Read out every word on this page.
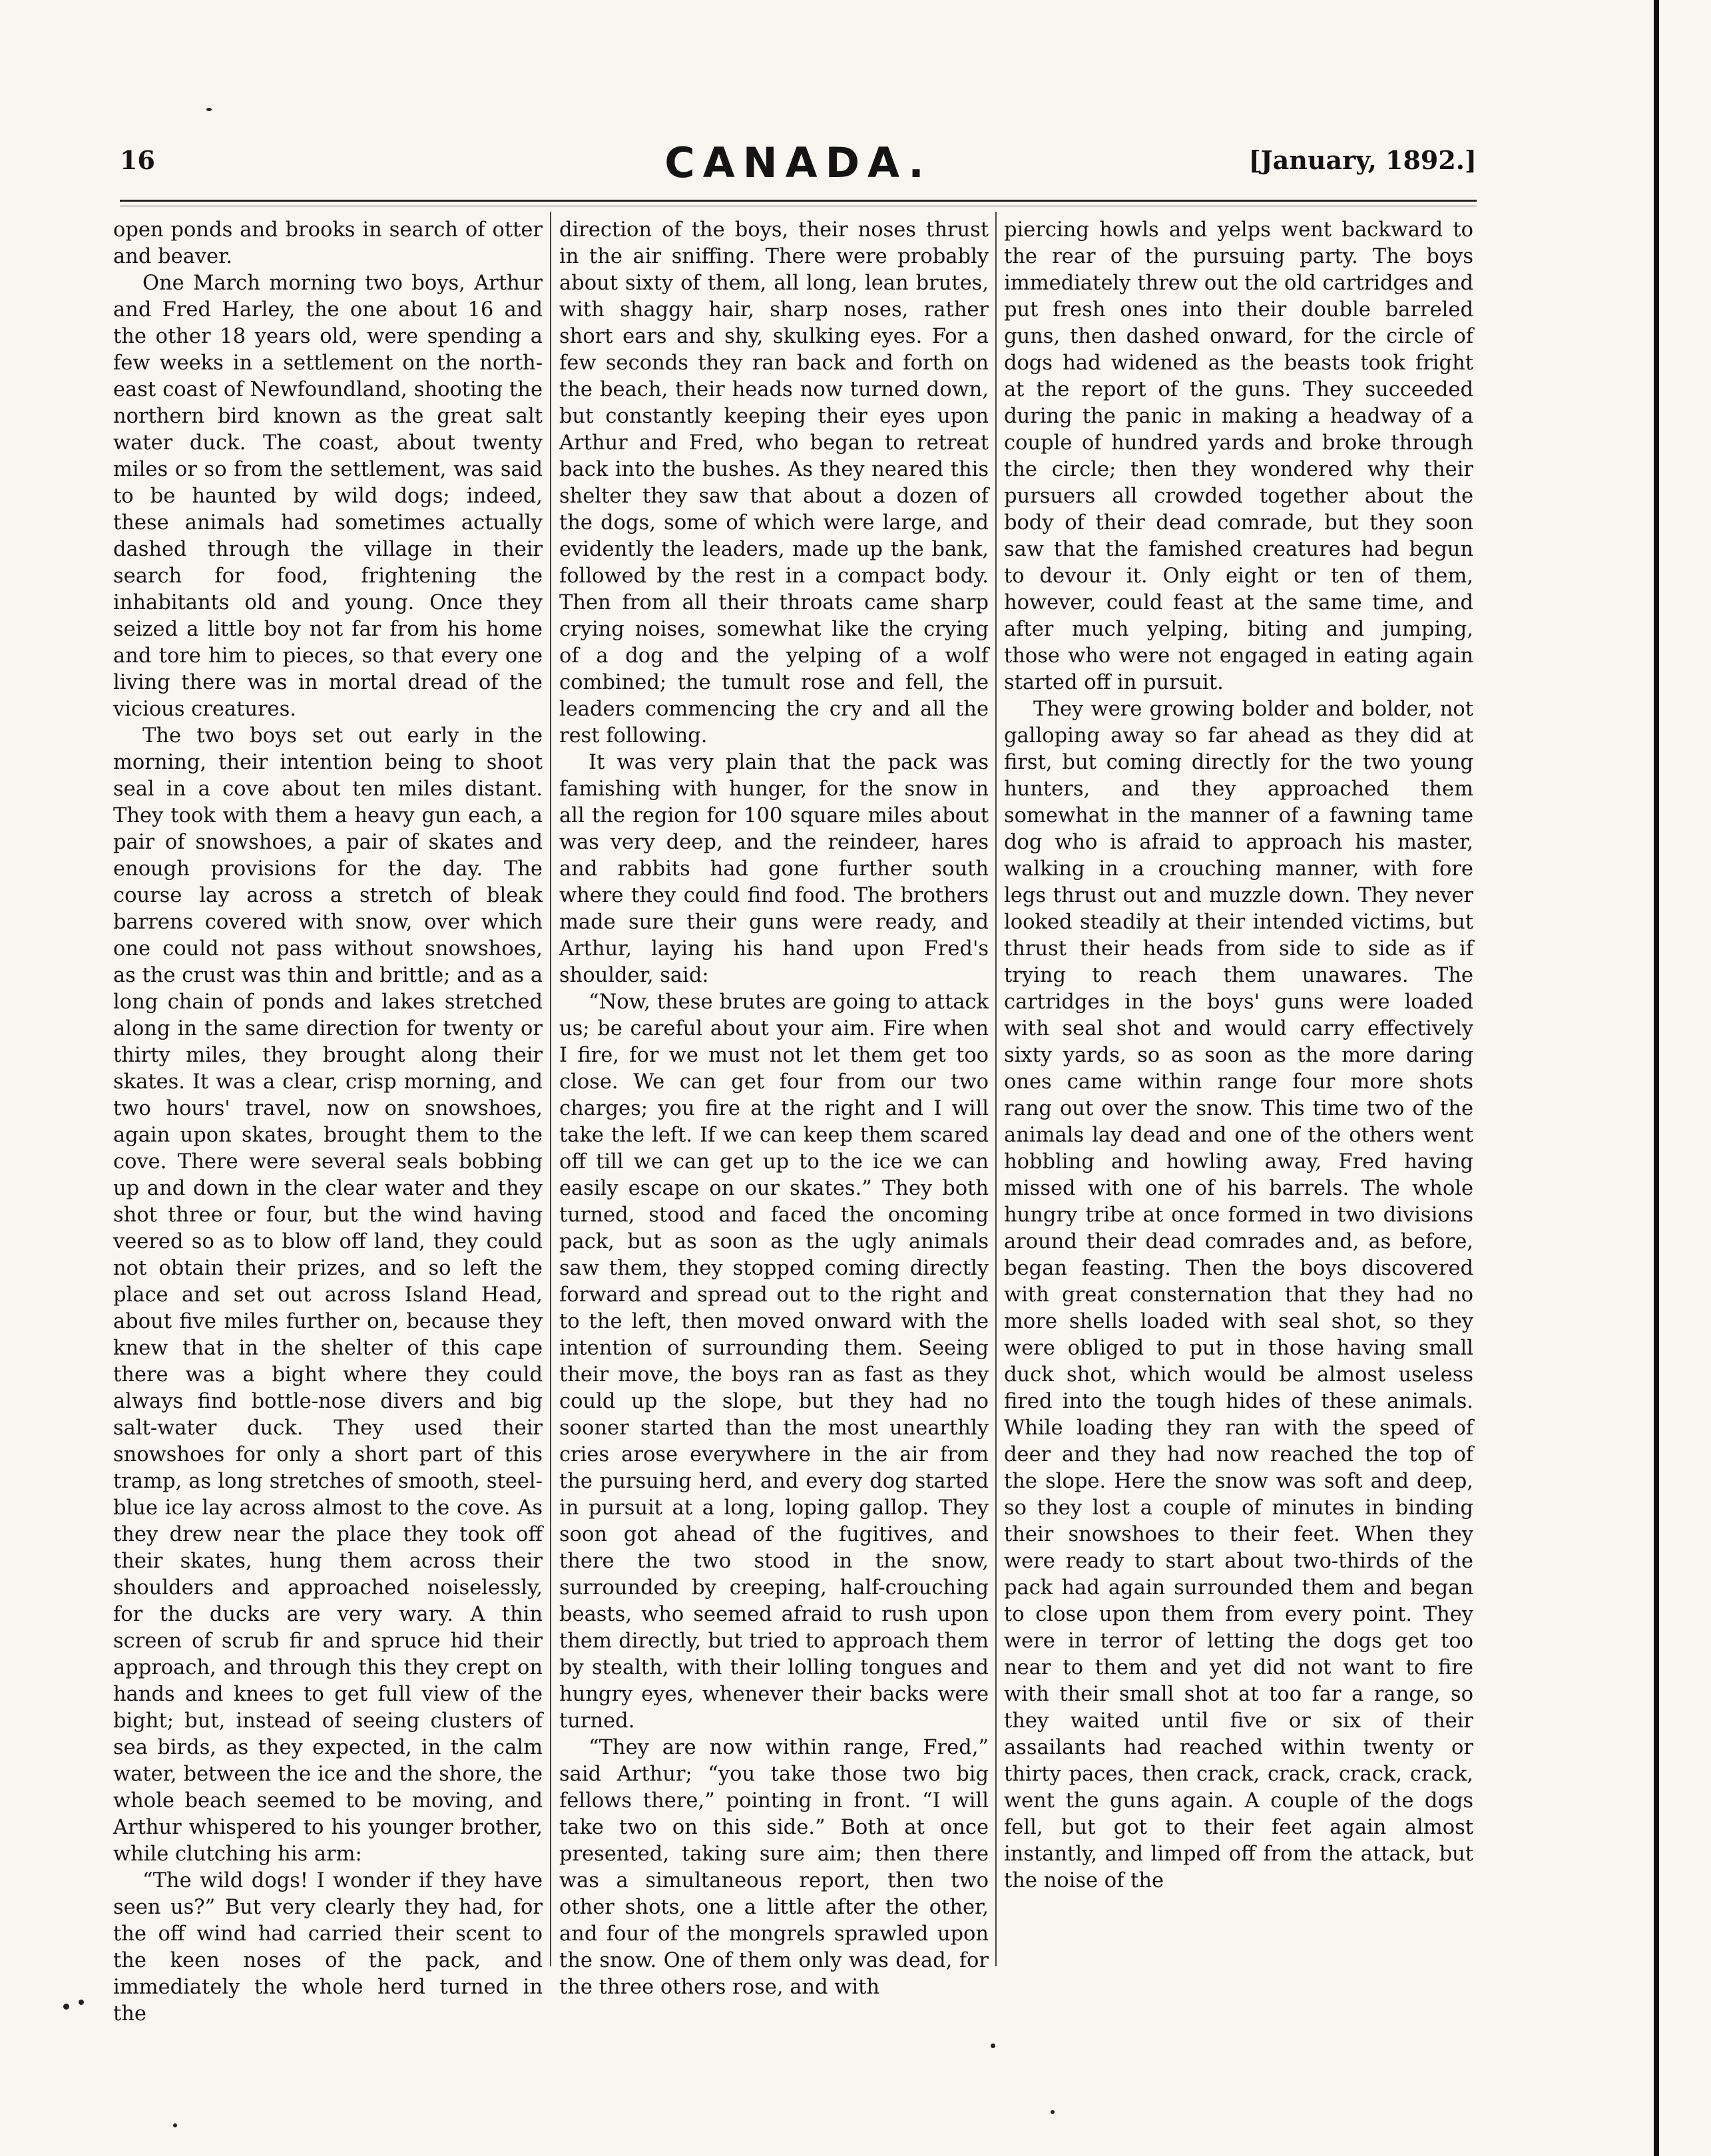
16	CANADA.	[January, 1892.]

open ponds and brooks in search of otter and beaver.

One March morning two boys, Arthur and Fred Harley, the one about 16 and the other 18 years old, were spending a few weeks in a settlement on the north-east coast of Newfoundland, shooting the northern bird known as the great salt water duck. The coast, about twenty miles or so from the settlement, was said to be haunted by wild dogs; indeed, these animals had sometimes actually dashed through the village in their search for food, frightening the inhabitants old and young. Once they seized a little boy not far from his home and tore him to pieces, so that every one living there was in mortal dread of the vicious creatures.

The two boys set out early in the morning, their intention being to shoot seal in a cove about ten miles distant. They took with them a heavy gun each, a pair of snowshoes, a pair of skates and enough provisions for the day. The course lay across a stretch of bleak barrens covered with snow, over which one could not pass without snowshoes, as the crust was thin and brittle; and as a long chain of ponds and lakes stretched along in the same direction for twenty or thirty miles, they brought along their skates. It was a clear, crisp morning, and two hours' travel, now on snowshoes, again upon skates, brought them to the cove. There were several seals bobbing up and down in the clear water and they shot three or four, but the wind having veered so as to blow off land, they could not obtain their prizes, and so left the place and set out across Island Head, about five miles further on, because they knew that in the shelter of this cape there was a bight where they could always find bottle-nose divers and big salt-water duck. They used their snowshoes for only a short part of this tramp, as long stretches of smooth, steel-blue ice lay across almost to the cove. As they drew near the place they took off their skates, hung them across their shoulders and approached noiselessly, for the ducks are very wary. A thin screen of scrub fir and spruce hid their approach, and through this they crept on hands and knees to get full view of the bight; but, instead of seeing clusters of sea birds, as they expected, in the calm water, between the ice and the shore, the whole beach seemed to be moving, and Arthur whispered to his younger brother, while clutching his arm:

“The wild dogs! I wonder if they have seen us?” But very clearly they had, for the off wind had carried their scent to the keen noses of the pack, and immediately the whole herd turned in the

direction of the boys, their noses thrust in the air sniffing. There were probably about sixty of them, all long, lean brutes, with shaggy hair, sharp noses, rather short ears and shy, skulking eyes. For a few seconds they ran back and forth on the beach, their heads now turned down, but constantly keeping their eyes upon Arthur and Fred, who began to retreat back into the bushes. As they neared this shelter they saw that about a dozen of the dogs, some of which were large, and evidently the leaders, made up the bank, followed by the rest in a compact body. Then from all their throats came sharp crying noises, somewhat like the crying of a dog and the yelping of a wolf combined; the tumult rose and fell, the leaders commencing the cry and all the rest following.

It was very plain that the pack was famishing with hunger, for the snow in all the region for 100 square miles about was very deep, and the reindeer, hares and rabbits had gone further south where they could find food. The brothers made sure their guns were ready, and Arthur, laying his hand upon Fred's shoulder, said:

“Now, these brutes are going to attack us; be careful about your aim. Fire when I fire, for we must not let them get too close. We can get four from our two charges; you fire at the right and I will take the left. If we can keep them scared off till we can get up to the ice we can easily escape on our skates.” They both turned, stood and faced the oncoming pack, but as soon as the ugly animals saw them, they stopped coming directly forward and spread out to the right and to the left, then moved onward with the intention of surrounding them. Seeing their move, the boys ran as fast as they could up the slope, but they had no sooner started than the most unearthly cries arose everywhere in the air from the pursuing herd, and every dog started in pursuit at a long, loping gallop. They soon got ahead of the fugitives, and there the two stood in the snow, surrounded by creeping, half-crouching beasts, who seemed afraid to rush upon them directly, but tried to approach them by stealth, with their lolling tongues and hungry eyes, whenever their backs were turned.

“They are now within range, Fred,” said Arthur; “you take those two big fellows there,” pointing in front. “I will take two on this side.” Both at once presented, taking sure aim; then there was a simultaneous report, then two other shots, one a little after the other, and four of the mongrels sprawled upon the snow. One of them only was dead, for the three others rose, and with

piercing howls and yelps went backward to the rear of the pursuing party. The boys immediately threw out the old cartridges and put fresh ones into their double barreled guns, then dashed onward, for the circle of dogs had widened as the beasts took fright at the report of the guns. They succeeded during the panic in making a headway of a couple of hundred yards and broke through the circle; then they wondered why their pursuers all crowded together about the body of their dead comrade, but they soon saw that the famished creatures had begun to devour it. Only eight or ten of them, however, could feast at the same time, and after much yelping, biting and jumping, those who were not engaged in eating again started off in pursuit.

They were growing bolder and bolder, not galloping away so far ahead as they did at first, but coming directly for the two young hunters, and they approached them somewhat in the manner of a fawning tame dog who is afraid to approach his master, walking in a crouching manner, with fore legs thrust out and muzzle down. They never looked steadily at their intended victims, but thrust their heads from side to side as if trying to reach them unawares. The cartridges in the boys' guns were loaded with seal shot and would carry effectively sixty yards, so as soon as the more daring ones came within range four more shots rang out over the snow. This time two of the animals lay dead and one of the others went hobbling and howling away, Fred having missed with one of his barrels. The whole hungry tribe at once formed in two divisions around their dead comrades and, as before, began feasting. Then the boys discovered with great consternation that they had no more shells loaded with seal shot, so they were obliged to put in those having small duck shot, which would be almost useless fired into the tough hides of these animals. While loading they ran with the speed of deer and they had now reached the top of the slope. Here the snow was soft and deep, so they lost a couple of minutes in binding their snowshoes to their feet. When they were ready to start about two-thirds of the pack had again surrounded them and began to close upon them from every point. They were in terror of letting the dogs get too near to them and yet did not want to fire with their small shot at too far a range, so they waited until five or six of their assailants had reached within twenty or thirty paces, then crack, crack, crack, crack, went the guns again. A couple of the dogs fell, but got to their feet again almost instantly, and limped off from the attack, but the noise of the
